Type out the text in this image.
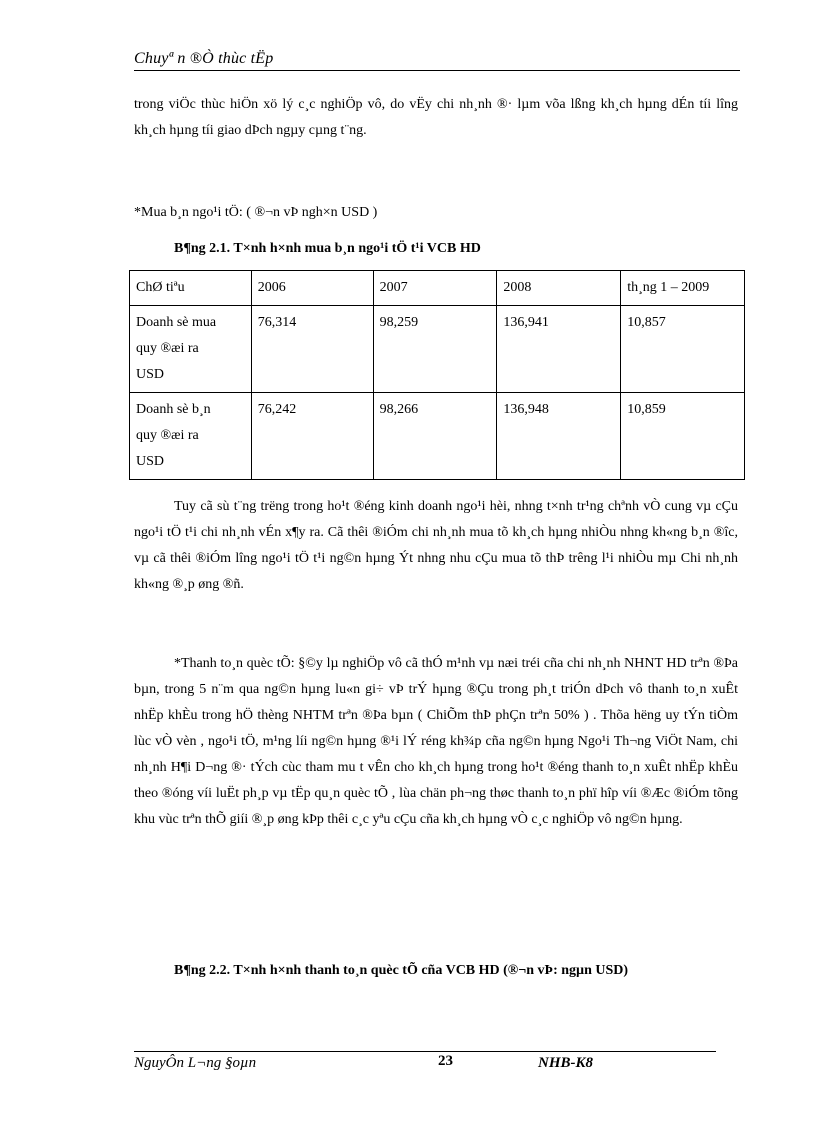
Chuyª n ®Ò thùc tËp
trong viÖc thùc hiÖn xö lý c¸c nghiÖp vô, do vËy chi nh¸nh ®· lµm võa lßng kh¸ch hµng dÉn tíi lîng kh¸ch hµng tíi giao dÞch ngµy cµng t¨ng.
*Mua b¸n ngo¹i tÖ: ( ®¬n vÞ ngh×n USD )
B¶ng 2.1. T×nh h×nh mua b¸n ngo¹i tÖ t¹i VCB HD
ChØ tiªu	2006	2007	2008	th¸ng 1 – 2009

Doanh sè mua
quy ®æi ra
USD	76,314	98,259	136,941	10,857

Doanh sè b¸n
quy ®æi ra
USD	76,242	98,266	136,948	10,859
Tuy cã sù t¨ng trëng trong ho¹t ®éng kinh doanh ngo¹i hèi, nhng t×nh tr¹ng chªnh vÒ cung vµ cÇu ngo¹i tÖ t¹i chi nh¸nh vÉn x¶y ra. Cã thêi ®iÓm chi nh¸nh mua tõ kh¸ch hµng nhiÒu nhng kh«ng b¸n ®îc, vµ cã thêi ®iÓm lîng ngo¹i tÖ t¹i ng©n hµng Ýt nhng nhu cÇu mua tõ thÞ trêng l¹i nhiÒu mµ Chi nh¸nh kh«ng ®¸p øng ®ñ.
*Thanh to¸n quèc tÕ: §©y lµ nghiÖp vô cã thÓ m¹nh vµ næi tréi cña chi nh¸nh NHNT HD trªn ®Þa bµn, trong 5 n¨m qua ng©n hµng lu«n gi÷ vÞ trÝ hµng ®Çu trong ph¸t triÓn dÞch vô thanh to¸n xuÊt nhËp khÈu trong hÖ thèng NHTM trªn ®Þa bµn ( ChiÕm thÞ phÇn trªn 50% ) . Thõa hëng uy tÝn tiÒm lùc vÒ vèn , ngo¹i tÖ, m¹ng líi ng©n hµng ®¹i lÝ réng kh¾p cña ng©n hµng Ngo¹i Th¬ng ViÖt Nam, chi nh¸nh H¶i D¬ng ®· tÝch cùc tham mu t vÊn cho kh¸ch hµng trong ho¹t ®éng thanh to¸n xuÊt nhËp khÈu theo ®óng víi luËt ph¸p vµ tËp qu¸n quèc tÕ , lùa chän ph¬ng thøc thanh to¸n phï hîp víi ®Æc ®iÓm tõng khu vùc trªn thÕ giíi ®¸p øng kÞp thêi c¸c yªu cÇu cña kh¸ch hµng vÒ c¸c nghiÖp vô ng©n hµng.
B¶ng 2.2. T×nh h×nh thanh to¸n quèc tÕ cña VCB HD (®¬n vÞ: ngµn USD)
NguyÔn L¬ng §oµn	23	NHB-K8
